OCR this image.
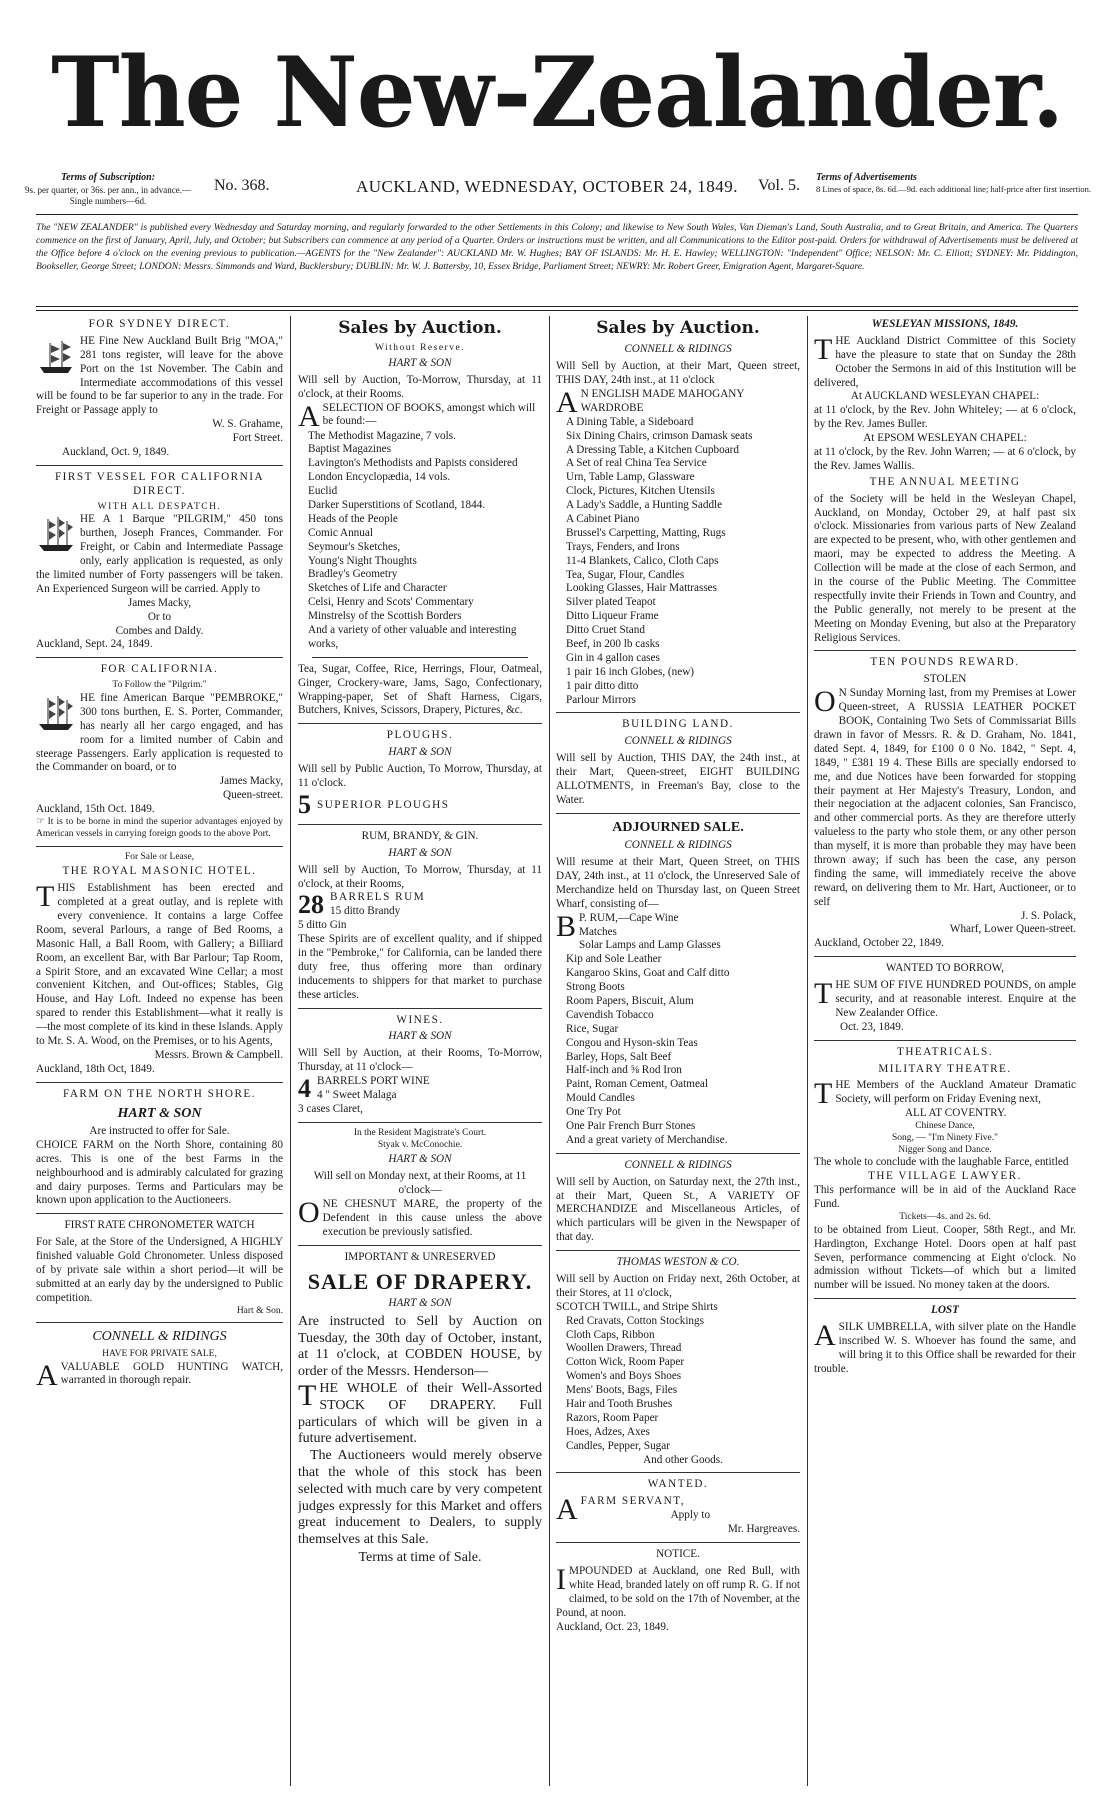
The New-Zealander.
Terms of Subscription:
9s. per quarter, or 36s. per ann., in advance.—Single numbers—6d.
No. 368.	AUCKLAND, WEDNESDAY, OCTOBER 24, 1849. Vol. 5. Terms of Advertisements
8 Lines of space, 8s. 6d.—9d. each additional line; half-price after first insertion.
The "NEW ZEALANDER" is published every Wednesday and Saturday morning, and regularly forwarded to the other Settlements in this Colony; and likewise to New South Wales, Van Dieman's Land, South Australia, and to Great Britain, and America. The Quarters commence on the first of January, April, July, and October; but Subscribers can commence at any period of a Quarter. Orders or instructions must be written, and all Communications to the Editor post-paid. Orders for withdrawal of Advertisements must be delivered at the Office before 4 o'clock on the evening previous to publication.—AGENTS for the "New Zealander": AUCKLAND Mr. W. Hughes; BAY OF ISLANDS: Mr. H. E. Hawley; WELLINGTON: "Independent" Office; NELSON: Mr. C. Elliott; SYDNEY: Mr. Piddington, Bookseller, George Street; LONDON: Messrs. Simmonds and Ward, Bucklersbury; DUBLIN: Mr. W. J. Battersby, 10, Essex Bridge, Parliament Street; NEWRY: Mr. Robert Greer, Emigration Agent, Margaret-Square.
FOR SYDNEY DIRECT.
HE Fine New Auckland Built Brig "MOA," 281 tons register, will leave for the above Port on the 1st November. The Cabin and Intermediate accommodations of this vessel will be found to be far superior to any in the trade. For Freight or Passage apply to
W. S. Grahame,
Fort Street.
Auckland, Oct. 9, 1849.
FIRST VESSEL FOR CALIFORNIA DIRECT.
WITH ALL DESPATCH.
HE A 1 Barque "PILGRIM," 450 tons burthen, Joseph Frances, Commander. For Freight, or Cabin and Intermediate Passage only, early application is requested, as only the limited number of Forty passengers will be taken. An Experienced Surgeon will be carried. Apply to
James Macky,
Or to
Combes and Daldy.
Auckland, Sept. 24, 1849.
FOR CALIFORNIA.
To Follow the "Pilgrim."
HE fine American Barque "PEMBROKE," 300 tons burthen, E. S. Porter, Commander, has nearly all her cargo engaged, and has room for a limited number of Cabin and steerage Passengers. Early application is requested to the Commander on board, or to
James Macky,
Queen-street.
Auckland, 15th Oct. 1849.
☞ It is to be borne in mind the superior advantages enjoyed by American vessels in carrying foreign goods to the above Port.
For Sale or Lease,
THE ROYAL MASONIC HOTEL.
THIS Establishment has been erected and completed at a great outlay, and is replete with every convenience. It contains a large Coffee Room, several Parlours, a range of Bed Rooms, a Masonic Hall, a Ball Room, with Gallery; a Billiard Room, an excellent Bar, with Bar Parlour; Tap Room, a Spirit Store, and an excavated Wine Cellar; a most convenient Kitchen, and Out-offices; Stables, Gig House, and Hay Loft. Indeed no expense has been spared to render this Establishment—what it really is—the most complete of its kind in these Islands. Apply to Mr. S. A. Wood, on the Premises, or to his Agents,
Messrs. Brown & Campbell.
Auckland, 18th Oct, 1849.
FARM ON THE NORTH SHORE.
HART & SON
Are instructed to offer for Sale.
CHOICE FARM on the North Shore, containing 80 acres. This is one of the best Farms in the neighbourhood and is admirably calculated for grazing and dairy purposes. Terms and Particulars may be known upon application to the Auctioneers.
FIRST RATE CHRONOMETER WATCH
For Sale, at the Store of the Undersigned, A HIGHLY finished valuable Gold Chronometer. Unless disposed of by private sale within a short period—it will be submitted at an early day by the undersigned to Public competition.
Hart & Son.
CONNELL & RIDINGS
HAVE FOR PRIVATE SALE,
AVALUABLE GOLD HUNTING WATCH, warranted in thorough repair.
Sales by Auction.
Without Reserve.
HART & SON
Will sell by Auction, To-Morrow, Thursday, at 11 o'clock, at their Rooms.
ASELECTION OF BOOKS, amongst which will be found:—
The Methodist Magazine, 7 vols.
Baptist Magazines
Lavington's Methodists and Papists considered
London Encyclopædia, 14 vols.
Euclid
Darker Superstitions of Scotland, 1844.
Heads of the People
Comic Annual
Seymour's Sketches,
Young's Night Thoughts
Bradley's Geometry
Sketches of Life and Character
Celsi, Henry and Scots' Commentary
Minstrelsy of the Scottish Borders
And a variety of other valuable and interesting works,
Tea, Sugar, Coffee, Rice, Herrings, Flour, Oatmeal, Ginger, Crockery-ware, Jams, Sago, Confectionary, Wrapping-paper, Set of Shaft Harness, Cigars, Butchers, Knives, Scissors, Drapery, Pictures, &c.
PLOUGHS.
HART & SON
Will sell by Public Auction, To Morrow, Thursday, at 11 o'clock.
5 SUPERIOR PLOUGHS
RUM, BRANDY, & GIN.
HART & SON
Will sell by Auction, To Morrow, Thursday, at 11 o'clock, at their Rooms,
28 BARRELS RUM
15 ditto Brandy
5 ditto Gin
These Spirits are of excellent quality, and if shipped in the "Pembroke," for California, can be landed there duty free, thus offering more than ordinary inducements to shippers for that market to purchase these articles.
WINES.
HART & SON
Will Sell by Auction, at their Rooms, To-Morrow, Thursday, at 11 o'clock—
4 BARRELS PORT WINE
4 " Sweet Malaga
3 cases Claret,
In the Resident Magistrate's Court.
Styak v. McConochie.
HART & SON
Will sell on Monday next, at their Rooms, at 11 o'clock—
ONE CHESNUT MARE, the property of the Defendent in this cause unless the above execution be previously satisfied.
IMPORTANT & UNRESERVED
SALE OF DRAPERY.
HART & SON
Are instructed to Sell by Auction on Tuesday, the 30th day of October, instant, at 11 o'clock, at COBDEN HOUSE, by order of the Messrs. Henderson—
THE WHOLE of their Well-Assorted STOCK OF DRAPERY. Full particulars of which will be given in a future advertisement.
The Auctioneers would merely observe that the whole of this stock has been selected with much care by very competent judges expressly for this Market and offers great inducement to Dealers, to supply themselves at this Sale.
Terms at time of Sale.
Sales by Auction.
CONNELL & RIDINGS
Will Sell by Auction, at their Mart, Queen street, THIS DAY, 24th inst., at 11 o'clock
A N ENGLISH MADE MAHOGANY WARDROBE
A Dining Table, a Sideboard
Six Dining Chairs, crimson Damask seats
A Dressing Table, a Kitchen Cupboard
A Set of real China Tea Service
Urn, Table Lamp, Glassware
Clock, Pictures, Kitchen Utensils
A Lady's Saddle, a Hunting Saddle
A Cabinet Piano
Brussel's Carpetting, Matting, Rugs
Trays, Fenders, and Irons
11-4 Blankets, Calico, Cloth Caps
Tea, Sugar, Flour, Candles
Looking Glasses, Hair Mattrasses
Silver plated Teapot
Ditto Liqueur Frame
Ditto Cruet Stand
Beef, in 200 lb casks
Gin in 4 gallon cases
1 pair 16 inch Globes, (new)
1 pair ditto ditto
Parlour Mirrors
BUILDING LAND.
CONNELL & RIDINGS
Will sell by Auction, THIS DAY, the 24th inst., at their Mart, Queen-street, EIGHT BUILDING ALLOTMENTS, in Freeman's Bay, close to the Water.
ADJOURNED SALE.
CONNELL & RIDINGS
Will resume at their Mart, Queen Street, on THIS DAY, 24th inst., at 11 o'clock, the Unreserved Sale of Merchandize held on Thursday last, on Queen Street Wharf, consisting of—
B P. RUM,—Cape Wine
Matches
Solar Lamps and Lamp Glasses
Kip and Sole Leather
Kangaroo Skins, Goat and Calf ditto
Strong Boots
Room Papers, Biscuit, Alum
Cavendish Tobacco
Rice, Sugar
Congou and Hyson-skin Teas
Barley, Hops, Salt Beef
Half-inch and ⅝ Rod Iron
Paint, Roman Cement, Oatmeal
Mould Candles
One Try Pot
One Pair French Burr Stones
And a great variety of Merchandise.
CONNELL & RIDINGS
Will sell by Auction, on Saturday next, the 27th inst., at their Mart, Queen St., A VARIETY OF MERCHANDIZE and Miscellaneous Articles, of which particulars will be given in the Newspaper of that day.
THOMAS WESTON & CO.
Will sell by Auction on Friday next, 26th October, at their Stores, at 11 o'clock,
SCOTCH TWILL, and Stripe Shirts
Red Cravats, Cotton Stockings
Cloth Caps, Ribbon
Woollen Drawers, Thread
Cotton Wick, Room Paper
Women's and Boys Shoes
Mens' Boots, Bags, Files
Hair and Tooth Brushes
Razors, Room Paper
Hoes, Adzes, Axes
Candles, Pepper, Sugar
And other Goods.
WANTED.
AFARM SERVANT,
Apply to
Mr. Hargreaves.
NOTICE.
IMPOUNDED at Auckland, one Red Bull, with white Head, branded lately on off rump R. G. If not claimed, to be sold on the 17th of November, at the Pound, at noon.
Auckland, Oct. 23, 1849.
WESLEYAN MISSIONS, 1849.
THE Auckland District Committee of this Society have the pleasure to state that on Sunday the 28th October the Sermons in aid of this Institution will be delivered,
At AUCKLAND WESLEYAN CHAPEL:
at 11 o'clock, by the Rev. John Whiteley; — at 6 o'clock, by the Rev. James Buller.
At EPSOM WESLEYAN CHAPEL:
at 11 o'clock, by the Rev. John Warren; — at 6 o'clock, by the Rev. James Wallis.
THE ANNUAL MEETING
of the Society will be held in the Wesleyan Chapel, Auckland, on Monday, October 29, at half past six o'clock. Missionaries from various parts of New Zealand are expected to be present, who, with other gentlemen and maori, may be expected to address the Meeting. A Collection will be made at the close of each Sermon, and in the course of the Public Meeting. The Committee respectfully invite their Friends in Town and Country, and the Public generally, not merely to be present at the Meeting on Monday Evening, but also at the Preparatory Religious Services.
TEN POUNDS REWARD.
STOLEN
O N Sunday Morning last, from my Premises at Lower Queen-street, A RUSSIA LEATHER POCKET BOOK, Containing Two Sets of Commissariat Bills drawn in favor of Messrs. R. & D. Graham, No. 1841, dated Sept. 4, 1849, for £100 0 0 No. 1842, " Sept. 4, 1849, " £381 19 4. These Bills are specially endorsed to me, and due Notices have been forwarded for stopping their payment at Her Majesty's Treasury, London, and their negociation at the adjacent colonies, San Francisco, and other commercial ports. As they are therefore utterly valueless to the party who stole them, or any other person than myself, it is more than probable they may have been thrown away; if such has been the case, any person finding the same, will immediately receive the above reward, on delivering them to Mr. Hart, Auctioneer, or to self
J. S. Polack,
Wharf, Lower Queen-street.
Auckland, October 22, 1849.
WANTED TO BORROW,
THE SUM OF FIVE HUNDRED POUNDS, on ample security, and at reasonable interest. Enquire at the New Zealander Office.
Oct. 23, 1849.
THEATRICALS.
MILITARY THEATRE.
THE Members of the Auckland Amateur Dramatic Society, will perform on Friday Evening next,
ALL AT COVENTRY.
Chinese Dance,
Song, — "I'm Ninety Five."
Nigger Song and Dance.
The whole to conclude with the laughable Farce, entitled
THE VILLAGE LAWYER.
This performance will be in aid of the Auckland Race Fund.
Tickets—4s. and 2s. 6d.
to be obtained from Lieut. Cooper, 58th Regt., and Mr. Hardington, Exchange Hotel. Doors open at half past Seven, performance commencing at Eight o'clock. No admission without Tickets—of which but a limited number will be issued. No money taken at the doors.
LOST
ASILK UMBRELLA, with silver plate on the Handle inscribed W. S. Whoever has found the same, and will bring it to this Office shall be rewarded for their trouble.
